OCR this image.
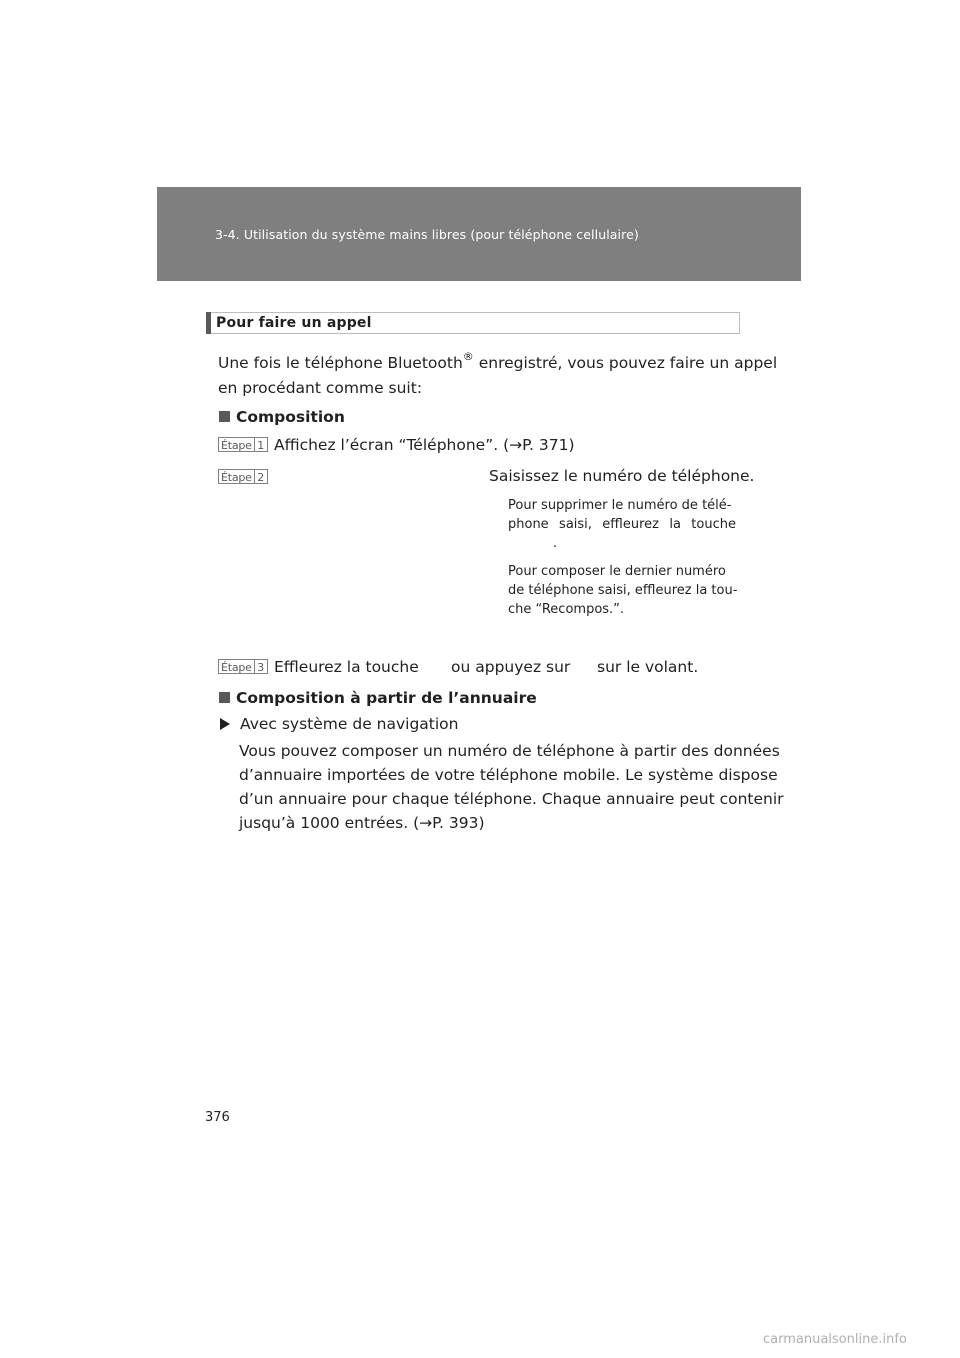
3-4. Utilisation du système mains libres (pour téléphone cellulaire)
Pour faire un appel
Une fois le téléphone Bluetooth® enregistré, vous pouvez faire un appel
en procédant comme suit:
Composition
Étape 1 Affichez l’écran “Téléphone”. (→P. 371)
Étape 2	Saisissez le numéro de téléphone.
Pour supprimer le numéro de télé-
phone saisi, effleurez la touche
.
Pour composer le dernier numéro
de téléphone saisi, effleurez la tou-
che “Recompos.”.
Étape 3 Effleurez la touche ou appuyez sur sur le volant.
Composition à partir de l’annuaire
Avec système de navigation
Vous pouvez composer un numéro de téléphone à partir des données
d’annuaire importées de votre téléphone mobile. Le système dispose
d’un annuaire pour chaque téléphone. Chaque annuaire peut contenir
jusqu’à 1000 entrées. (→P. 393)
376
carmanualsonline.info
